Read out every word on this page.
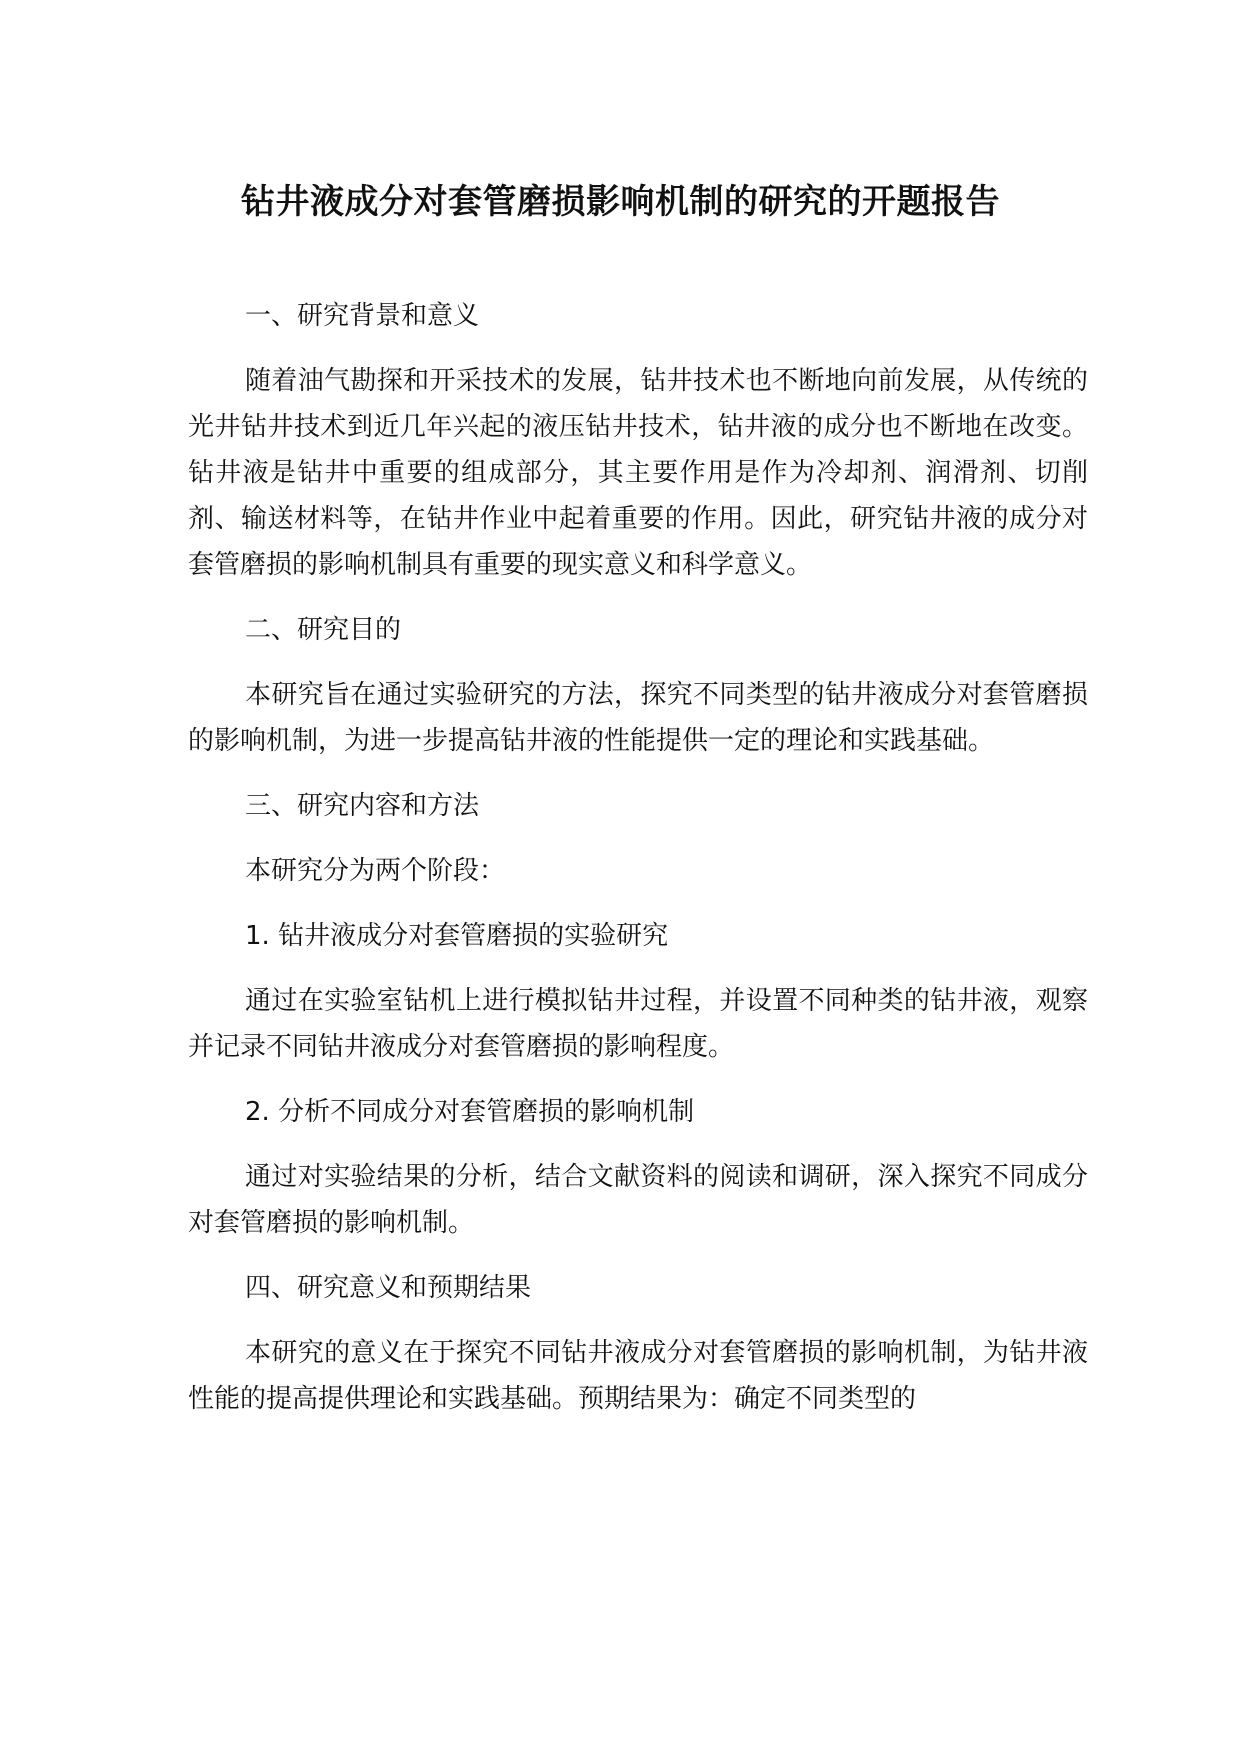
钻井液成分对套管磨损影响机制的研究的开题报告

一、研究背景和意义

随着油气勘探和开采技术的发展，钻井技术也不断地向前发展，从传统的光井钻井技术到近几年兴起的液压钻井技术，钻井液的成分也不断地在改变。钻井液是钻井中重要的组成部分，其主要作用是作为冷却剂、润滑剂、切削剂、输送材料等，在钻井作业中起着重要的作用。因此，研究钻井液的成分对套管磨损的影响机制具有重要的现实意义和科学意义。

二、研究目的

本研究旨在通过实验研究的方法，探究不同类型的钻井液成分对套管磨损的影响机制，为进一步提高钻井液的性能提供一定的理论和实践基础。

三、研究内容和方法

本研究分为两个阶段：

1. 钻井液成分对套管磨损的实验研究

通过在实验室钻机上进行模拟钻井过程，并设置不同种类的钻井液，观察并记录不同钻井液成分对套管磨损的影响程度。

2. 分析不同成分对套管磨损的影响机制

通过对实验结果的分析，结合文献资料的阅读和调研，深入探究不同成分对套管磨损的影响机制。

四、研究意义和预期结果

本研究的意义在于探究不同钻井液成分对套管磨损的影响机制，为钻井液性能的提高提供理论和实践基础。预期结果为：确定不同类型的
